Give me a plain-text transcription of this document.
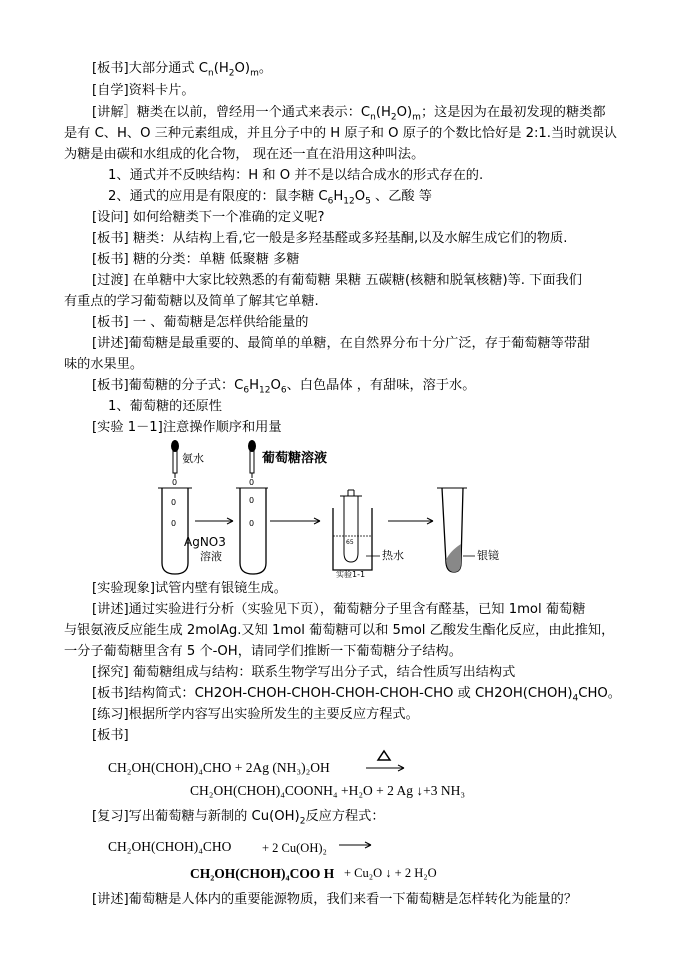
[板书]大部分通式 $C_n(H_2O)_m$。
[自学]资料卡片。
[讲解］糖类在以前，曾经用一个通式来表示：$C_n(H_2O)_m$；这是因为在最初发现的糖类都
是有 C、H、O 三种元素组成，并且分子中的 H 原子和 O 原子的个数比恰好是 2:1.当时就误认
为糖是由碳和水组成的化合物， 现在还一直在沿用这种叫法。
1、通式并不反映结构：H 和 O 并不是以结合成水的形式存在的.
2、通式的应用是有限度的：鼠李糖 $C_6H_{12}O_5$ 、乙酸 等
[设问] 如何给糖类下一个准确的定义呢?
[板书] 糖类：从结构上看,它一般是多羟基醛或多羟基酮,以及水解生成它们的物质.
[板书] 糖的分类：单糖 低聚糖 多糖
[过渡] 在单糖中大家比较熟悉的有葡萄糖 果糖 五碳糖(核糖和脱氧核糖)等. 下面我们
有重点的学习葡萄糖以及简单了解其它单糖.
[板书] 一 、葡萄糖是怎样供给能量的
[讲述]葡萄糖是最重要的、最简单的单糖，在自然界分布十分广泛，存于葡萄糖等带甜
味的水果里。
[板书]葡萄糖的分子式：$C_6H_{12}O_6$、白色晶体 ，有甜味，溶于水。
1、葡萄糖的还原性
[实验 1－1]注意操作顺序和用量
氨水
0
葡萄糖溶液
0
0
0
AgNO3
溶液
0
0
65
热水
实验1-1
银镜
[实验现象]试管内壁有银镜生成。
[讲述]通过实验进行分析（实验见下页），葡萄糖分子里含有醛基，已知 1mol 葡萄糖
与银氨液反应能生成 2molAg.又知 1mol 葡萄糖可以和 5mol 乙酸发生酯化反应，由此推知，
一分子葡萄糖里含有 5 个-OH，请同学们推断一下葡萄糖分子结构。
[探究] 葡萄糖组成与结构：联系生物学写出分子式，结合性质写出结构式
[板书]结构简式：CH2OH-CHOH-CHOH-CHOH-CHOH-CHO 或 $CH2OH(CHOH)_4CHO$。
[练习]根据所学内容写出实验所发生的主要反应方程式。
[板书]
CH₂OH(CHOH)₄CHO + 2Ag (NH₃)₂OH
CH₂OH(CHOH)₄COONH₄ +H₂O + 2 Ag ↓+3 NH₃
[复习]写出葡萄糖与新制的 $Cu(OH)_2$反应方程式：
CH₂OH(CHOH)₄CHO + 2 Cu(OH)₂ →
CH₂OH(CHOH)₄COO H + Cu₂O ↓ + 2 H₂O
[讲述]葡萄糖是人体内的重要能源物质，我们来看一下葡萄糖是怎样转化为能量的？
